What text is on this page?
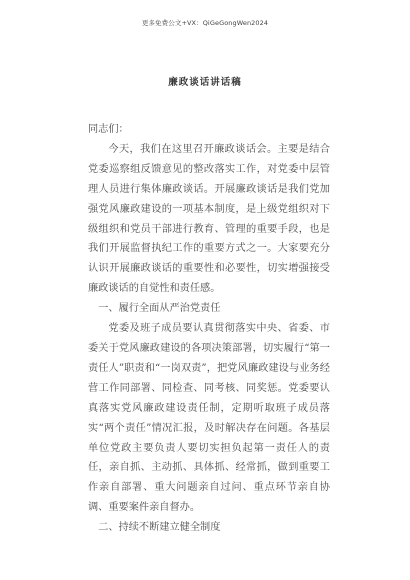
更多免费公文+VX：QiGeGongWen2024
廉政谈话讲话稿

同志们：

今天，我们在这里召开廉政谈话会。主要是结合党委巡察组反馈意见的整改落实工作，对党委中层管理人员进行集体廉政谈话。开展廉政谈话是我们党加强党风廉政建设的一项基本制度，是上级党组织对下级组织和党员干部进行教育、管理的重要手段，也是我们开展监督执纪工作的重要方式之一。大家要充分认识开展廉政谈话的重要性和必要性，切实增强接受廉政谈话的自觉性和责任感。

一、履行全面从严治党责任

党委及班子成员要认真贯彻落实中央、省委、市委关于党风廉政建设的各项决策部署，切实履行“第一责任人”职责和“一岗双责”，把党风廉政建设与业务经营工作同部署、同检查、同考核、同奖惩。党委要认真落实党风廉政建设责任制，定期听取班子成员落实“两个责任”情况汇报，及时解决存在问题。各基层单位党政主要负责人要切实担负起第一责任人的责任，亲自抓、主动抓、具体抓、经常抓，做到重要工作亲自部署、重大问题亲自过问、重点环节亲自协调、重要案件亲自督办。

二、持续不断建立健全制度
